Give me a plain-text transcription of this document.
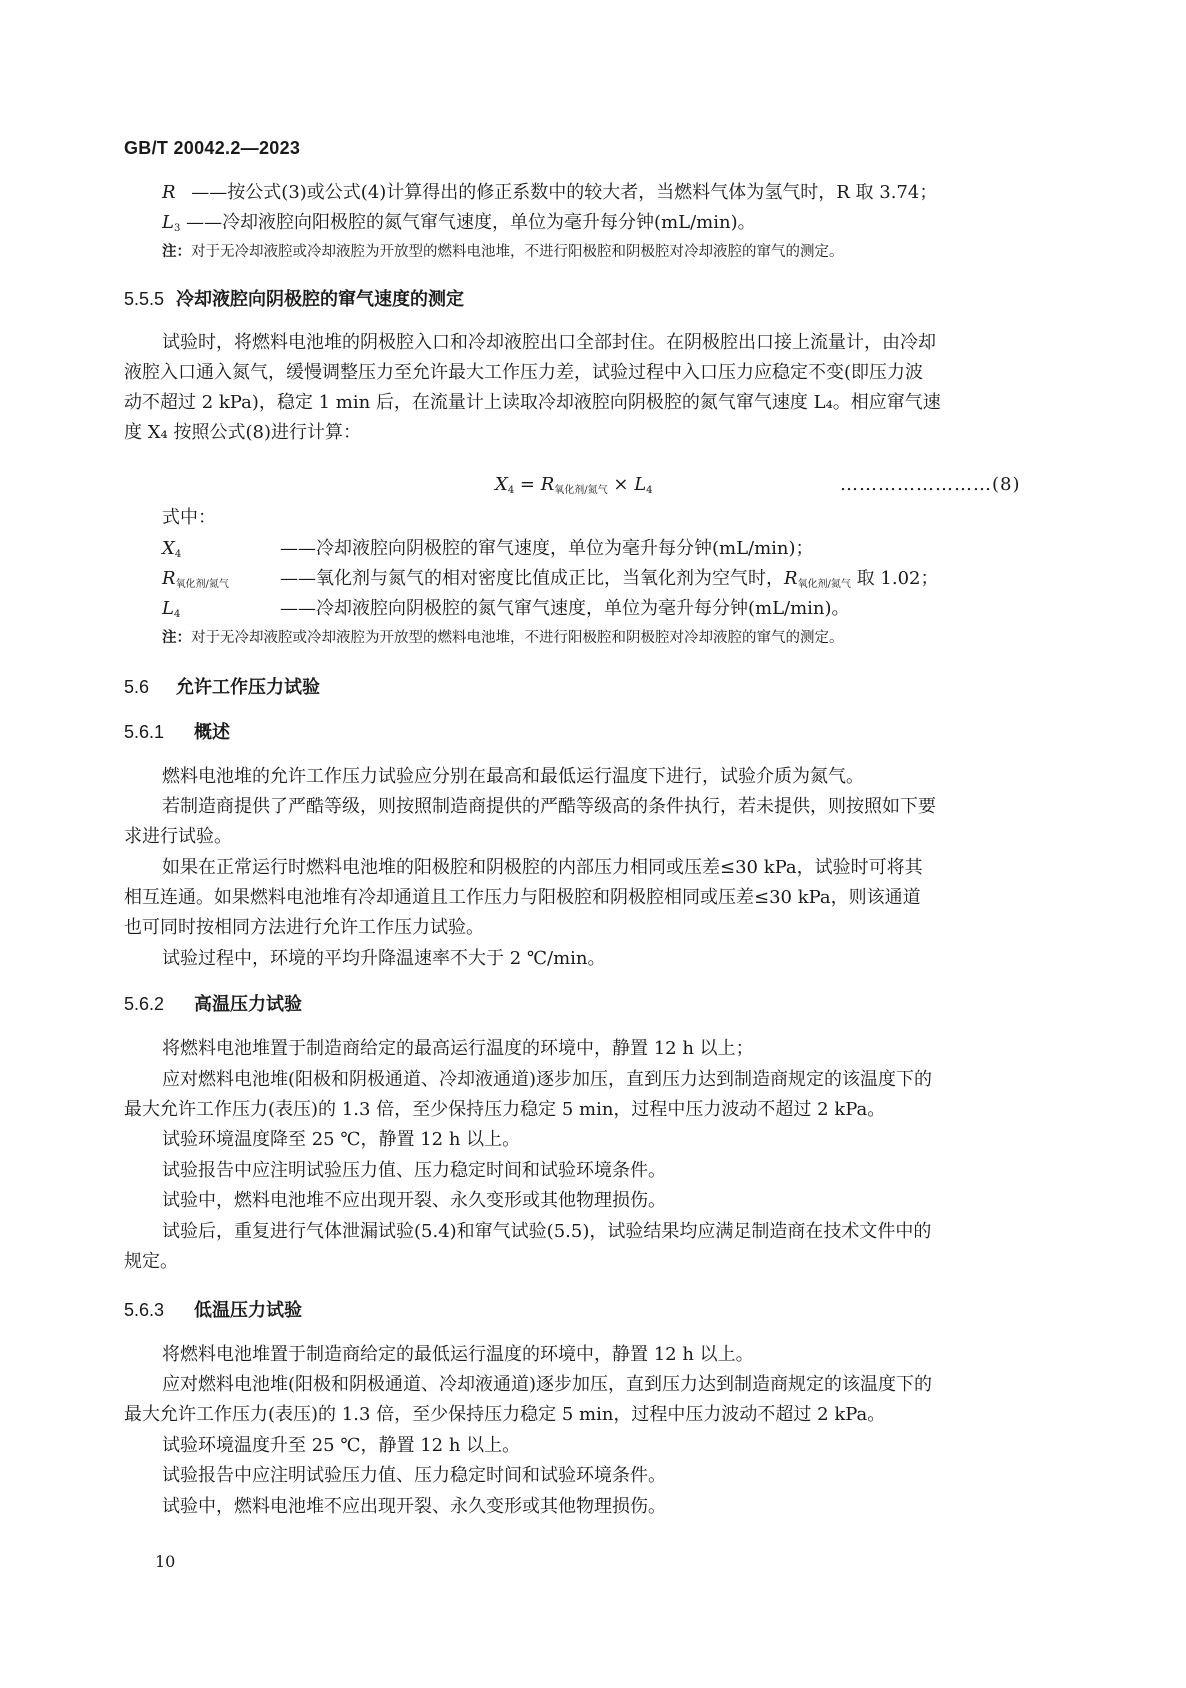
GB/T 20042.2—2023
R ——按公式(3)或公式(4)计算得出的修正系数中的较大者，当燃料气体为氢气时，R 取 3.74；
$L_3$ ——冷却液腔向阳极腔的氮气窜气速度，单位为毫升每分钟(mL/min)。
注：对于无冷却液腔或冷却液腔为开放型的燃料电池堆，不进行阳极腔和阴极腔对冷却液腔的窜气的测定。
5.5.5 冷却液腔向阴极腔的窜气速度的测定
试验时，将燃料电池堆的阴极腔入口和冷却液腔出口全部封住。在阴极腔出口接上流量计，由冷却
液腔入口通入氮气，缓慢调整压力至允许最大工作压力差，试验过程中入口压力应稳定不变(即压力波
动不超过 2 kPa)，稳定 1 min 后，在流量计上读取冷却液腔向阴极腔的氮气窜气速度 L₄。相应窜气速
度 X₄ 按照公式(8)进行计算：
$X_4 = R_{氧化剂/氮气} \times L_4$	……………………(8)
式中：
$X_4$	——冷却液腔向阴极腔的窜气速度，单位为毫升每分钟(mL/min)；
$R_{氧化剂/氮气}$	——氧化剂与氮气的相对密度比值成正比，当氧化剂为空气时，$R_{氧化剂/氮气}$ 取 1.02；
$L_4$	——冷却液腔向阴极腔的氮气窜气速度，单位为毫升每分钟(mL/min)。
注：对于无冷却液腔或冷却液腔为开放型的燃料电池堆，不进行阳极腔和阴极腔对冷却液腔的窜气的测定。
5.6 允许工作压力试验
5.6.1 概述
燃料电池堆的允许工作压力试验应分别在最高和最低运行温度下进行，试验介质为氮气。
若制造商提供了严酷等级，则按照制造商提供的严酷等级高的条件执行，若未提供，则按照如下要
求进行试验。
如果在正常运行时燃料电池堆的阳极腔和阴极腔的内部压力相同或压差≤30 kPa，试验时可将其
相互连通。如果燃料电池堆有冷却通道且工作压力与阳极腔和阴极腔相同或压差≤30 kPa，则该通道
也可同时按相同方法进行允许工作压力试验。
试验过程中，环境的平均升降温速率不大于 2 ℃/min。
5.6.2 高温压力试验
将燃料电池堆置于制造商给定的最高运行温度的环境中，静置 12 h 以上；
应对燃料电池堆(阳极和阴极通道、冷却液通道)逐步加压，直到压力达到制造商规定的该温度下的
最大允许工作压力(表压)的 1.3 倍，至少保持压力稳定 5 min，过程中压力波动不超过 2 kPa。
试验环境温度降至 25 ℃，静置 12 h 以上。
试验报告中应注明试验压力值、压力稳定时间和试验环境条件。
试验中，燃料电池堆不应出现开裂、永久变形或其他物理损伤。
试验后，重复进行气体泄漏试验(5.4)和窜气试验(5.5)，试验结果均应满足制造商在技术文件中的
规定。
5.6.3 低温压力试验
将燃料电池堆置于制造商给定的最低运行温度的环境中，静置 12 h 以上。
应对燃料电池堆(阳极和阴极通道、冷却液通道)逐步加压，直到压力达到制造商规定的该温度下的
最大允许工作压力(表压)的 1.3 倍，至少保持压力稳定 5 min，过程中压力波动不超过 2 kPa。
试验环境温度升至 25 ℃，静置 12 h 以上。
试验报告中应注明试验压力值、压力稳定时间和试验环境条件。
试验中，燃料电池堆不应出现开裂、永久变形或其他物理损伤。
10
